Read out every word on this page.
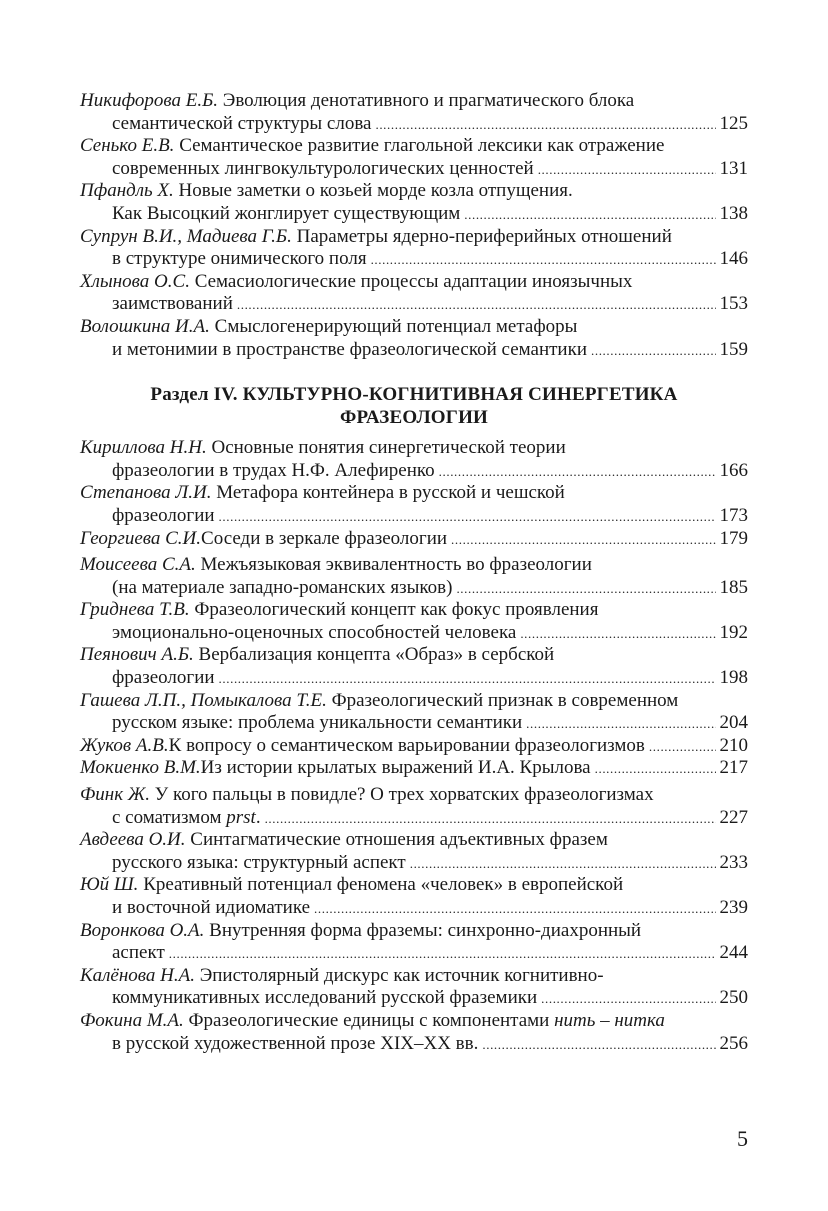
Никифорова Е.Б. Эволюция денотативного и прагматического блока
семантической структуры слова .....	125
Сенько Е.В. Семантическое развитие глагольной лексики как отражение
современных лингвокультурологических ценностей .....	131
Пфандль Х. Новые заметки о козьей морде козла отпущения.
Как Высоцкий жонглирует существующим .....	138
Супрун В.И., Мадиева Г.Б. Параметры ядерно-периферийных отношений
в структуре онимического поля .....	146
Хлынова О.С. Семасиологические процессы адаптации иноязычных
заимствований .....	153
Волошкина И.А. Смыслогенерирующий потенциал метафоры
и метонимии в пространстве фразеологической семантики .....	159
Раздел IV. КУЛЬТУРНО-КОГНИТИВНАЯ СИНЕРГЕТИКА
ФРАЗЕОЛОГИИ
Кириллова Н.Н. Основные понятия синергетической теории
фразеологии в трудах Н.Ф. Алефиренко .....	166
Степанова Л.И. Метафора контейнера в русской и чешской
фразеологии .....	173
Георгиева С.И. Соседи в зеркале фразеологии .....	179
Моисеева С.А. Межъязыковая эквивалентность во фразеологии
(на материале западно-романских языков) .....	185
Гриднева Т.В. Фразеологический концепт как фокус проявления
эмоционально-оценочных способностей человека .....	192
Пеянович А.Б. Вербализация концепта «Образ» в сербской
фразеологии .....	198
Гашева Л.П., Помыкалова Т.Е. Фразеологический признак в современном
русском языке: проблема уникальности семантики .....	204
Жуков А.В. К вопросу о семантическом варьировании фразеологизмов .....	210
Мокиенко В.М. Из истории крылатых выражений И.А. Крылова .....	217
Финк Ж. У кого пальцы в повидле? О трех хорватских фразеологизмах
с соматизмом prst. .....	227
Авдеева О.И. Синтагматические отношения адъективных фразем
русского языка: структурный аспект .....	233
Юй Ш. Креативный потенциал феномена «человек» в европейской
и восточной идиоматике .....	239
Воронкова О.А. Внутренняя форма фраземы: синхронно-диахронный
аспект .....	244
Калёнова Н.А. Эпистолярный дискурс как источник когнитивно-
коммуникативных исследований русской фраземики .....	250
Фокина М.А. Фразеологические единицы с компонентами нить – нитка
в русской художественной прозе XIX–XX вв. .....	256
5
